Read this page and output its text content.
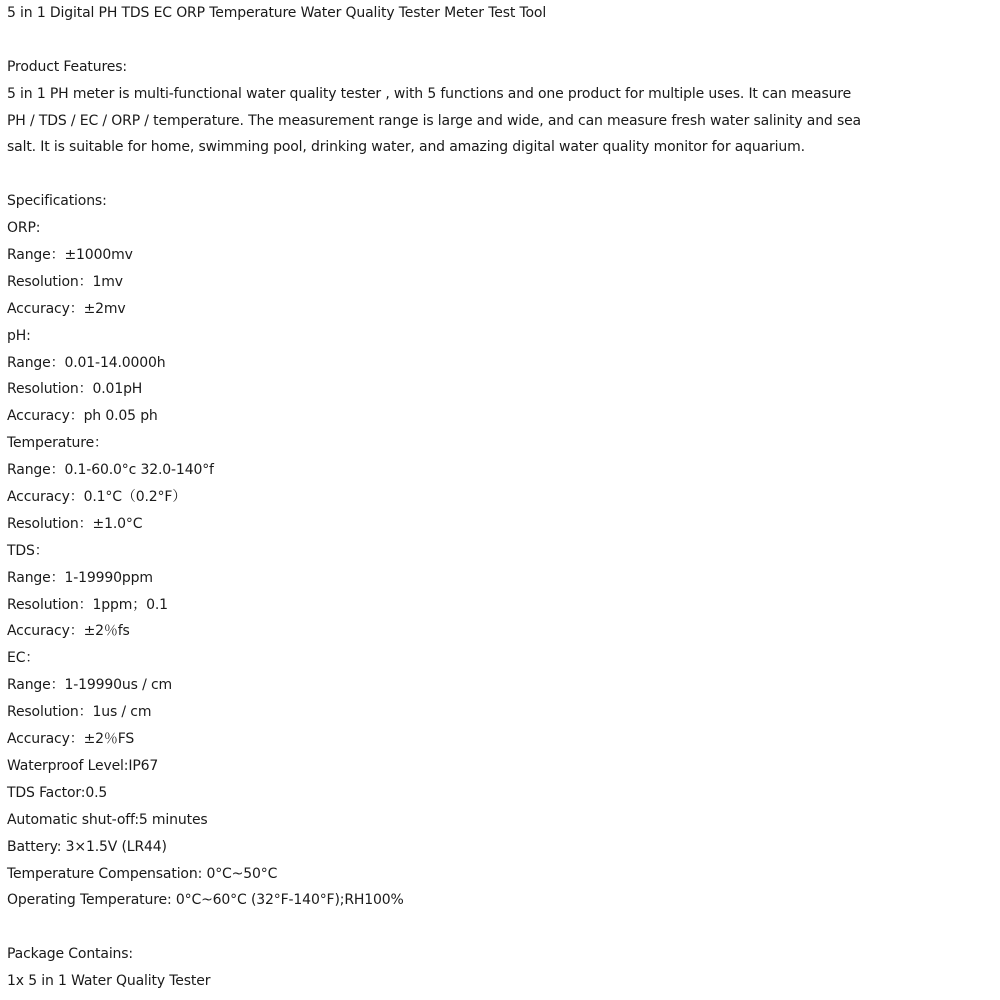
5 in 1 Digital PH TDS EC ORP Temperature Water Quality Tester Meter Test Tool
Product Features:
5 in 1 PH meter is multi-functional water quality tester , with 5 functions and one product for multiple uses. It can measure
PH / TDS / EC / ORP / temperature. The measurement range is large and wide, and can measure fresh water salinity and sea
salt. It is suitable for home, swimming pool, drinking water, and amazing digital water quality monitor for aquarium.
Specifications:
ORP:
Range：±1000mv
Resolution：1mv
Accuracy：±2mv
pH:
Range：0.01-14.0000h
Resolution：0.01pH
Accuracy：ph 0.05 ph
Temperature：
Range：0.1-60.0°c 32.0-140°f
Accuracy：0.1°C（0.2°F）
Resolution：±1.0°C
TDS：
Range：1-19990ppm
Resolution：1ppm；0.1
Accuracy：±2％fs
EC：
Range：1-19990us / cm
Resolution：1us / cm
Accuracy：±2％FS
Waterproof Level:IP67
TDS Factor:0.5
Automatic shut-off:5 minutes
Battery: 3×1.5V (LR44)
Temperature Compensation: 0°C~50°C
Operating Temperature: 0°C~60°C (32°F-140°F);RH100%
Package Contains:
1x 5 in 1 Water Quality Tester
